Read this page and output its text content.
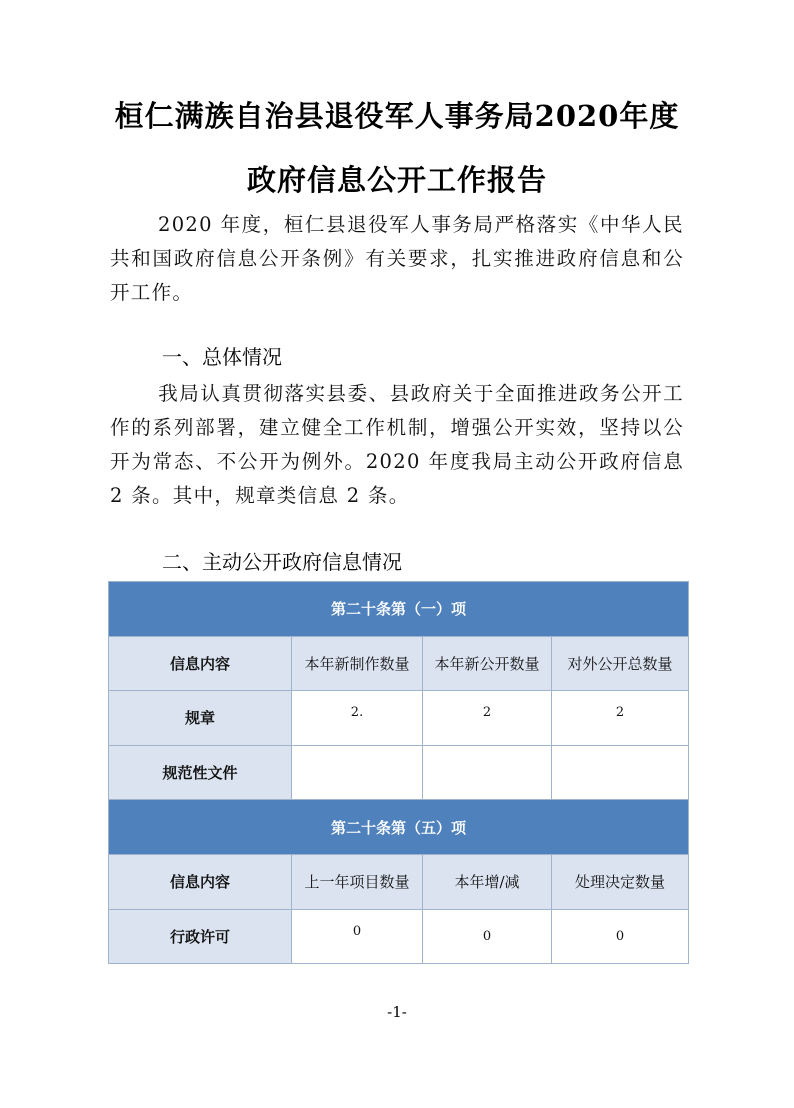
桓仁满族自治县退役军人事务局2020年度
政府信息公开工作报告
2020 年度，桓仁县退役军人事务局严格落实《中华人民共和国政府信息公开条例》有关要求，扎实推进政府信息和公开工作。
一、总体情况
我局认真贯彻落实县委、县政府关于全面推进政务公开工作的系列部署，建立健全工作机制，增强公开实效，坚持以公开为常态、不公开为例外。2020 年度我局主动公开政府信息 2 条。其中，规章类信息 2 条。
二、主动公开政府信息情况
第二十条第（一）项			
信息内容	本年新制作数量	本年新公开数量	对外公开总数量
规章	2.	2	2
规范性文件			
第二十条第（五）项			
信息内容	上一年项目数量	本年增/减	处理决定数量
行政许可	0	0	0
-1-
